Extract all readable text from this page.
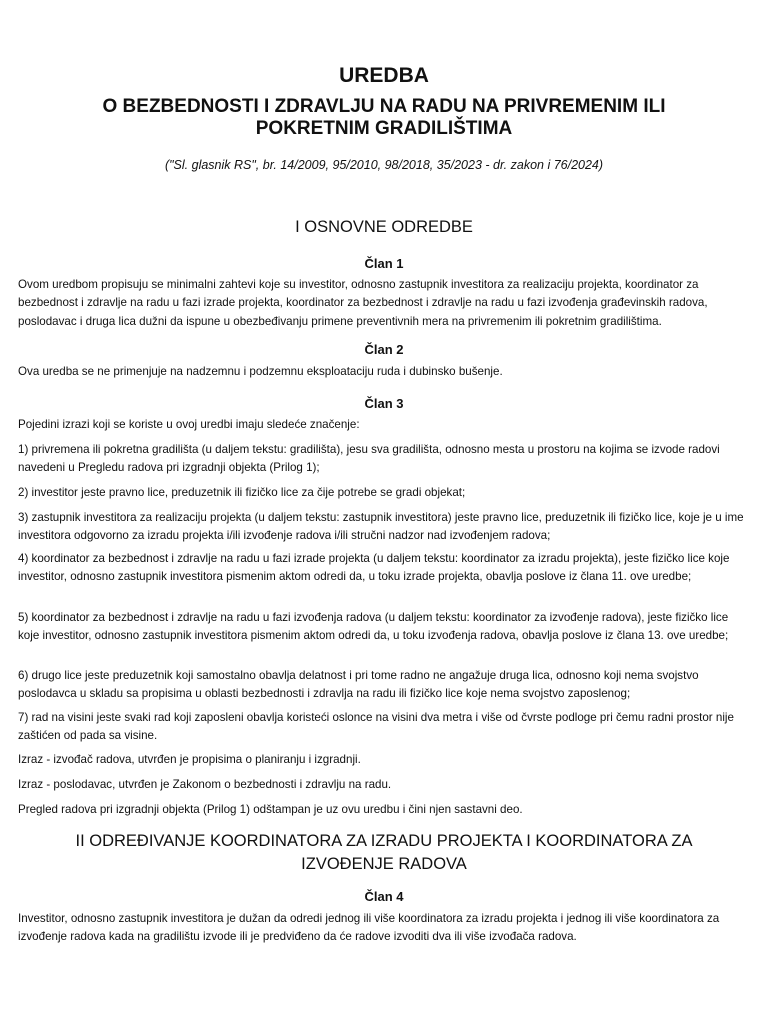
UREDBA
O BEZBEDNOSTI I ZDRAVLJU NA RADU NA PRIVREMENIM ILI POKRETNIM GRADILIŠTIMA
("Sl. glasnik RS", br. 14/2009, 95/2010, 98/2018, 35/2023 - dr. zakon i 76/2024)
I OSNOVNE ODREDBE
Član 1

Ovom uredbom propisuju se minimalni zahtevi koje su investitor, odnosno zastupnik investitora za realizaciju projekta, koordinator za bezbednost i zdravlje na radu u fazi izrade projekta, koordinator za bezbednost i zdravlje na radu u fazi izvođenja građevinskih radova, poslodavac i druga lica dužni da ispune u obezbeđivanju primene preventivnih mera na privremenim ili pokretnim gradilištima.

Član 2

Ova uredba se ne primenjuje na nadzemnu i podzemnu eksploataciju ruda i dubinsko bušenje.

Član 3

Pojedini izrazi koji se koriste u ovoj uredbi imaju sledeće značenje:

1) privremena ili pokretna gradilišta (u daljem tekstu: gradilišta), jesu sva gradilišta, odnosno mesta u prostoru na kojima se izvode radovi navedeni u Pregledu radova pri izgradnji objekta (Prilog 1);

2) investitor jeste pravno lice, preduzetnik ili fizičko lice za čije potrebe se gradi objekat;

3) zastupnik investitora za realizaciju projekta (u daljem tekstu: zastupnik investitora) jeste pravno lice, preduzetnik ili fizičko lice, koje je u ime investitora odgovorno za izradu projekta i/ili izvođenje radova i/ili stručni nadzor nad izvođenjem radova;

4) koordinator za bezbednost i zdravlje na radu u fazi izrade projekta (u daljem tekstu: koordinator za izradu projekta), jeste fizičko lice koje investitor, odnosno zastupnik investitora pismenim aktom odredi da, u toku izrade projekta, obavlja poslove iz člana 11. ove uredbe;

5) koordinator za bezbednost i zdravlje na radu u fazi izvođenja radova (u daljem tekstu: koordinator za izvođenje radova), jeste fizičko lice koje investitor, odnosno zastupnik investitora pismenim aktom odredi da, u toku izvođenja radova, obavlja poslove iz člana 13. ove uredbe;

6) drugo lice jeste preduzetnik koji samostalno obavlja delatnost i pri tome radno ne angažuje druga lica, odnosno koji nema svojstvo poslodavca u skladu sa propisima u oblasti bezbednosti i zdravlja na radu ili fizičko lice koje nema svojstvo zaposlenog;

7) rad na visini jeste svaki rad koji zaposleni obavlja koristeći oslonce na visini dva metra i više od čvrste podloge pri čemu radni prostor nije zaštićen od pada sa visine.

Izraz - izvođač radova, utvrđen je propisima o planiranju i izgradnji.

Izraz - poslodavac, utvrđen je Zakonom o bezbednosti i zdravlju na radu.

Pregled radova pri izgradnji objekta (Prilog 1) odštampan je uz ovu uredbu i čini njen sastavni deo.

II ODREĐIVANJE KOORDINATORA ZA IZRADU PROJEKTA I KOORDINATORA ZA IZVOĐENJE RADOVA
Član 4

Investitor, odnosno zastupnik investitora je dužan da odredi jednog ili više koordinatora za izradu projekta i jednog ili više koordinatora za izvođenje radova kada na gradilištu izvode ili je predviđeno da će radove izvoditi dva ili više izvođača radova.
